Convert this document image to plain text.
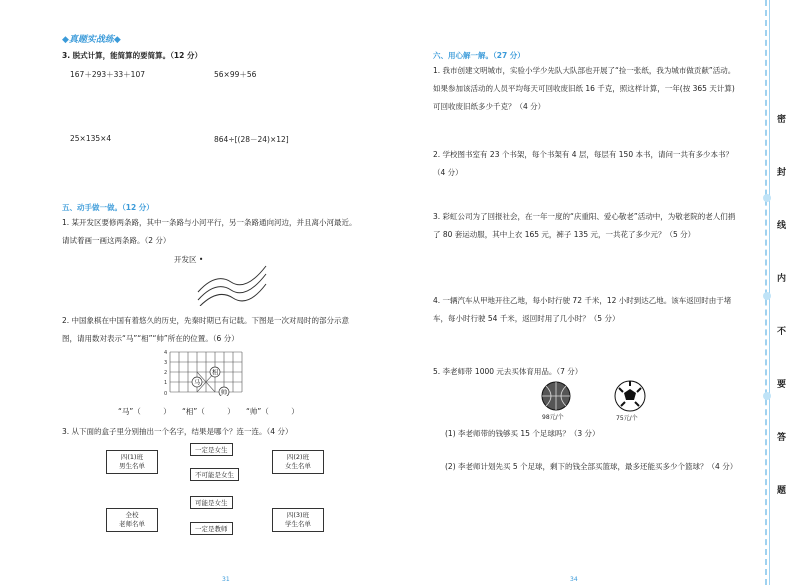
◆真题实战练◆
3. 脱式计算，能简算的要简算。（12 分）
167＋293＋33＋107	56×99＋56
25×135×4	864÷[(28－24)×12]
五、动手做一做。（12 分）
1. 某开发区要修两条路，其中一条路与小河平行，另一条路通向河边，并且离小河最近。请试着画一画这两条路。（2 分）
开发区 •
2. 中国象棋在中国有着悠久的历史，先秦时期已有记载。下图是一次对局时的部分示意图，请用数对表示“马”“相”“帅”所在的位置。（6 分）
相
马
帅
4
3
2
1
0
“马”（　　　）　　“相”（　　　）　　“帅”（　　　）
3. 从下面的盒子里分别抽出一个名字，结果是哪个？连一连。（4 分）
四(1)班
男生名单
四(2)班
女生名单
全校
老师名单
四(3)班
学生名单
一定是女生
不可能是女生
可能是女生
一定是教师
31
六、用心解一解。（27 分）
1. 我市创建文明城市，实验小学少先队大队部也开展了“捡一张纸，我为城市做贡献”活动。如果参加该活动的人员平均每天可回收废旧纸 16 千克，照这样计算，一年(按 365 天计算)可回收废旧纸多少千克？（4 分）
2. 学校图书室有 23 个书架，每个书架有 4 层，每层有 150 本书，请问一共有多少本书？（4 分）
3. 彩虹公司为了回报社会，在一年一度的“庆重阳、爱心敬老”活动中，为敬老院的老人们捐了 80 套运动服，其中上衣 165 元，裤子 135 元，一共花了多少元？（5 分）
4. 一辆汽车从甲地开往乙地，每小时行驶 72 千米，12 小时到达乙地。该车返回时由于堵车，每小时行驶 54 千米，返回时用了几小时？（5 分）
5. 李老师带 1000 元去买体育用品。（7 分）
98元/个	75元/个
(1) 李老师带的钱够买 15 个足球吗？（3 分）
(2) 李老师计划先买 5 个足球，剩下的钱全部买篮球，最多还能买多少个篮球？（4 分）
34
密
封
线
内
不
要
答
题
